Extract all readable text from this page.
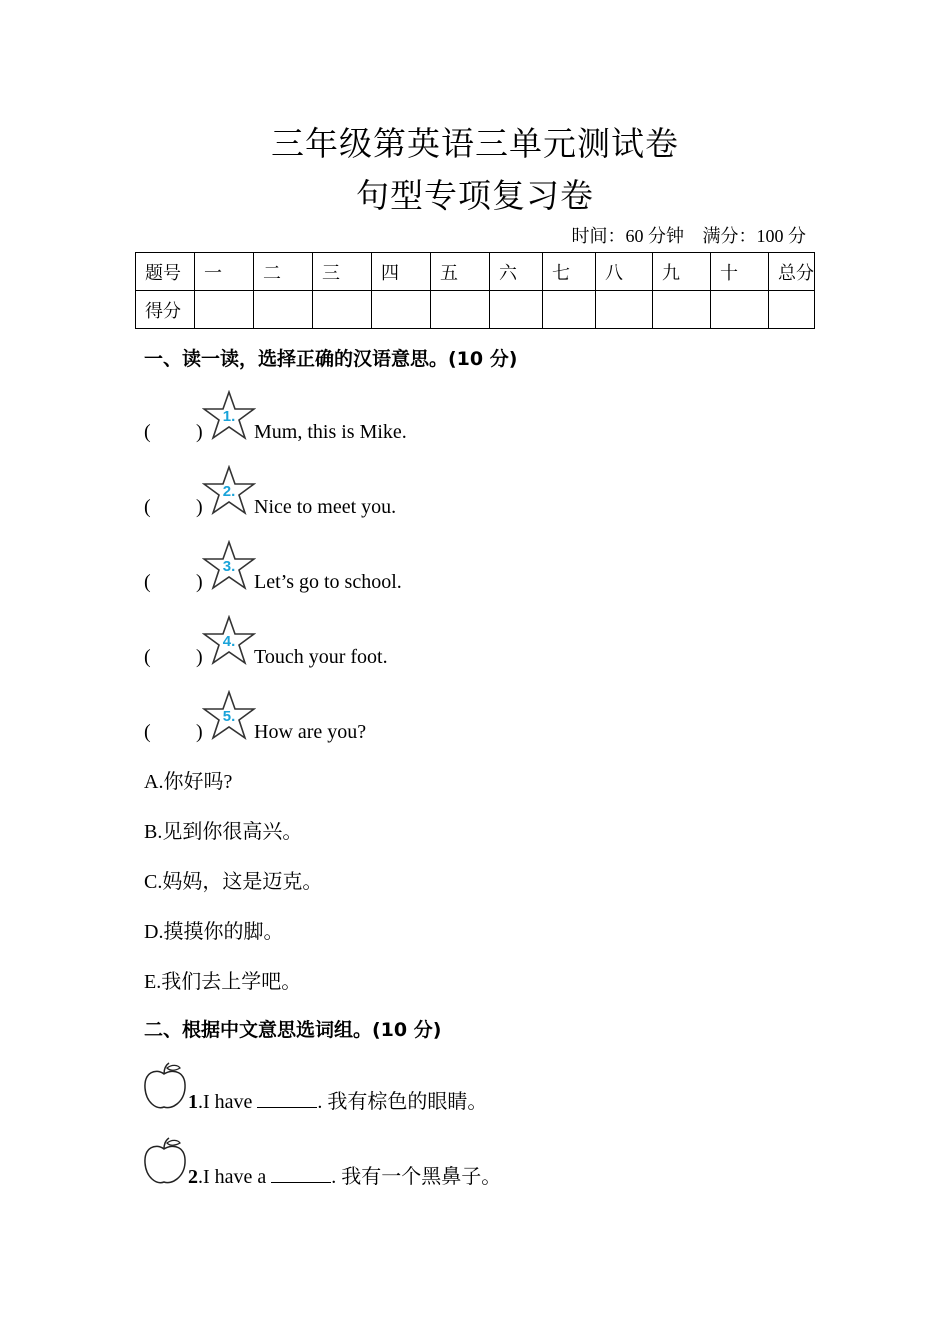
三年级第英语三单元测试卷
句型专项复习卷
时间：60 分钟 满分：100 分
题号	一	二	三	四	五	六	七	八	九	十	总分
得分											
一、读一读，选择正确的汉语意思。(10 分)
( )
1.
Mum, this is Mike.
( )
2.
Nice to meet you.
( )
3.
Let’s go to school.
( )
4.
Touch your foot.
( )
5.
How are you?
A.你好吗?
B.见到你很高兴。
C.妈妈，这是迈克。
D.摸摸你的脚。
E.我们去上学吧。
二、根据中文意思选词组。(10 分)
1.I have	. 我有棕色的眼睛。
2.I have a	. 我有一个黑鼻子。
